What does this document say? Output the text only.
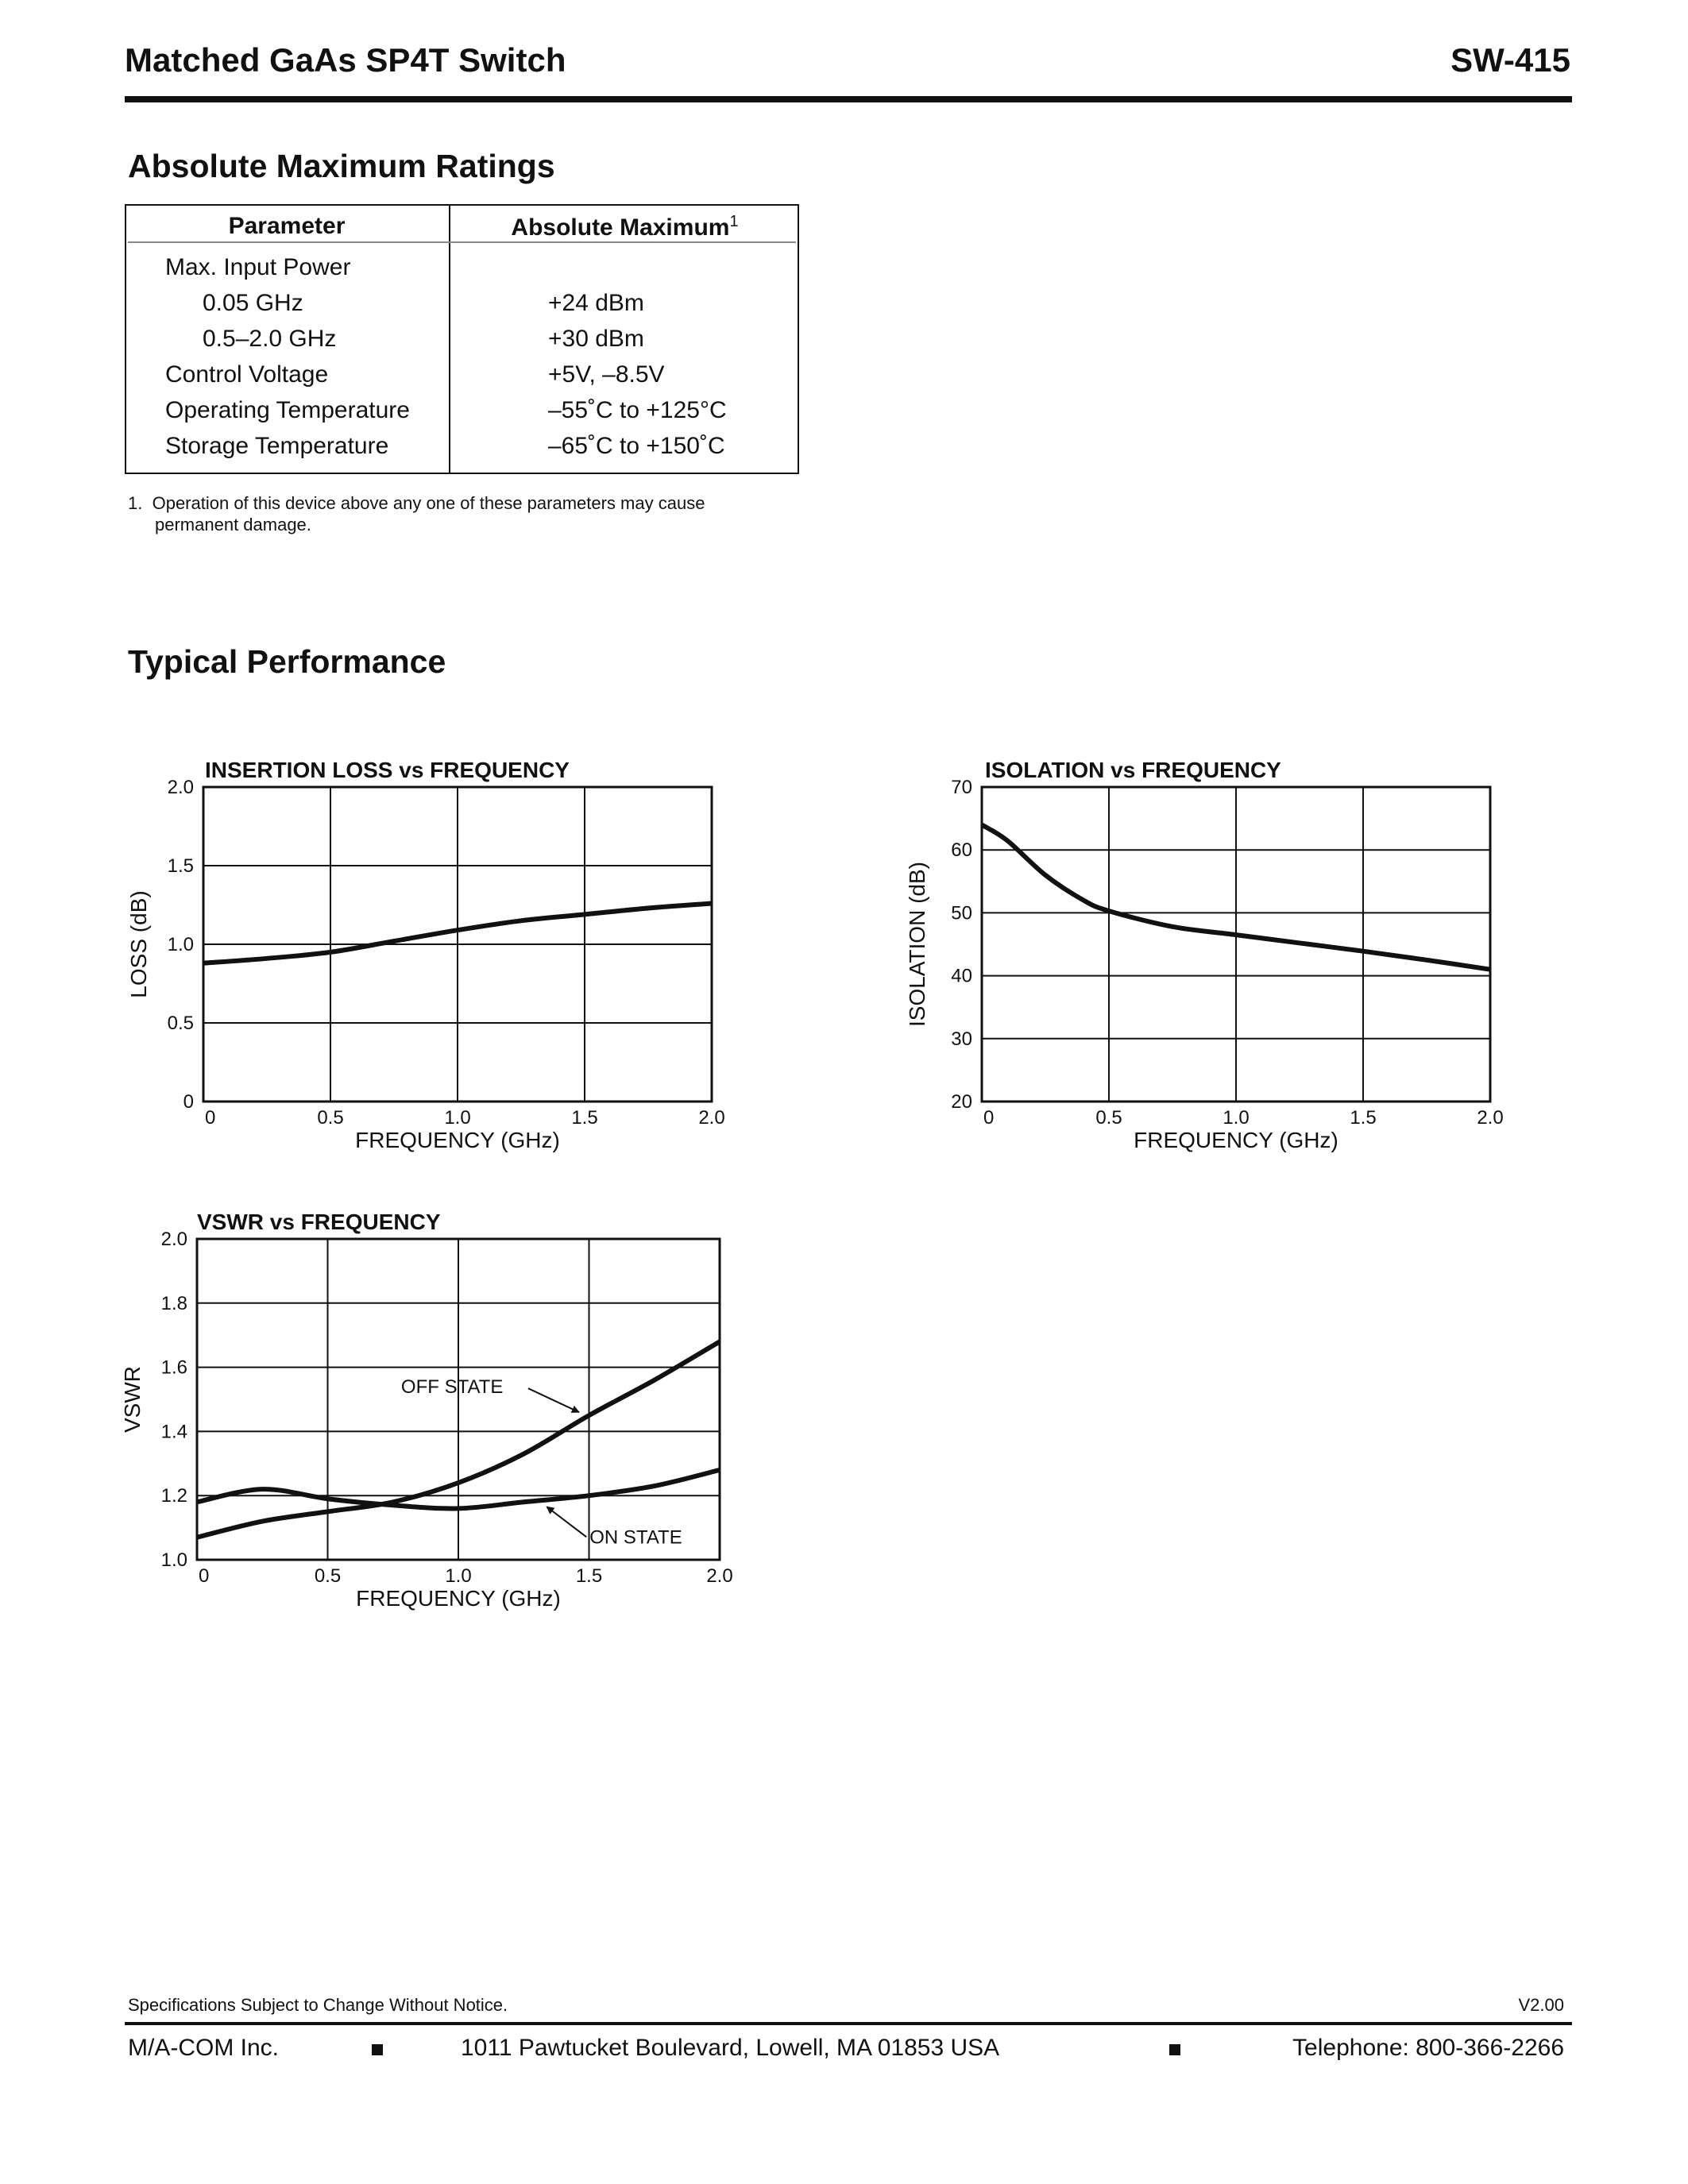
Matched GaAs SP4T Switch	SW-415
Absolute Maximum Ratings
Parameter	Absolute Maximum$^1$
Max. Input Power
0.05 GHz	+24 dBm
0.5–2.0 GHz	+30 dBm
Control Voltage	+5V, –8.5V
Operating Temperature	–55˚C to +125°C
Storage Temperature	–65˚C to +150˚C
1. Operation of this device above any one of these parameters may cause
permanent damage.
Typical Performance
INSERTION LOSS vs FREQUENCY
0	0.5	1.0	1.5	2.0
0
0.5
1.0
1.5
2.0
FREQUENCY (GHz)
LOSS (dB)
ISOLATION vs FREQUENCY
0	0.5	1.0	1.5	2.0
20
30
40
50
60
70
FREQUENCY (GHz)
ISOLATION (dB)
VSWR vs FREQUENCY
0	0.5	1.0	1.5	2.0
1.0
1.2
1.4
1.6
1.8
2.0
FREQUENCY (GHz)
VSWR	OFF STATE
ON STATE
Specifications Subject to Change Without Notice.	V2.00
M/A-COM Inc.	1011 Pawtucket Boulevard, Lowell, MA 01853 USA	Telephone: 800-366-2266
